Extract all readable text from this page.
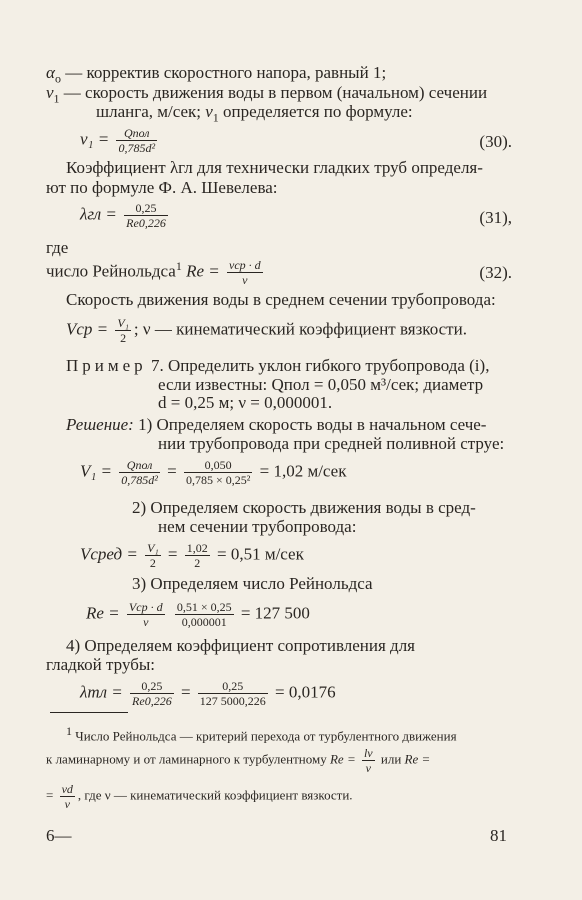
$\alpha_о$ — корректив скоростного напора, равный 1;
$v_1$ — скорость движения воды в первом (начальном) сечении
шланга, м/сек; $v_1$ определяется по формуле:
$v_1 = \frac{\text{Qпол}}{\text{0,785d²}}$	(30).
Коэффициент λгл для технически гладких труб определя-
ют по формуле Ф. А. Шевелева:
$\lambda гл = \frac{0,25}{Re0,226}$	(31),
где
число Рейнольдса$^1$ $Re = \frac{\text{vср · d}}{\nu}$	(32).
Скорость движения воды в среднем сечении трубопровода:
Vср = $\frac{\text{V₁}}{2}$ ; ν — кинематический коэффициент вязкости.
Пример 7. Определить уклон гибкого трубопровода (i),
если известны: Qпол = 0,050 м³/сек; диаметр
d = 0,25 м; ν = 0,000001.
Решение: 1) Определяем скорость воды в начальном сече-
нии трубопровода при средней поливной струе:
$V_1 = \frac{\text{Qпол}}{\text{0,785d²}} = \frac{0,050}{\text{0,785 × 0,25²}} = 1,02$ м/сек
2) Определяем скорость движения воды в сред-
нем сечении трубопровода:
Vсред = $\frac{\text{V₁}}{2} = \frac{1,02}{2} = 0,51$ м/сек
3) Определяем число Рейнольдса
$Re = \frac{\text{Vср · d}}{\nu}$
$\frac{0,51 \times 0,25}{0,000001} = 127$ 500
4) Определяем коэффициент сопротивления для
гладкой трубы:
$\lambda тл = \frac{0,25}{Re0,226} = \frac{0,25}{127 5000,226} = 0,0176$
$^1$ Число Рейнольдса — критерий перехода от турбулентного движения
к ламинарному и от ламинарного к турбулентному $Re = \frac{lv}{\nu}$ или Re =
= $\frac{vd}{\nu}$ , где ν — кинематический коэффициент вязкости.
6—	81
